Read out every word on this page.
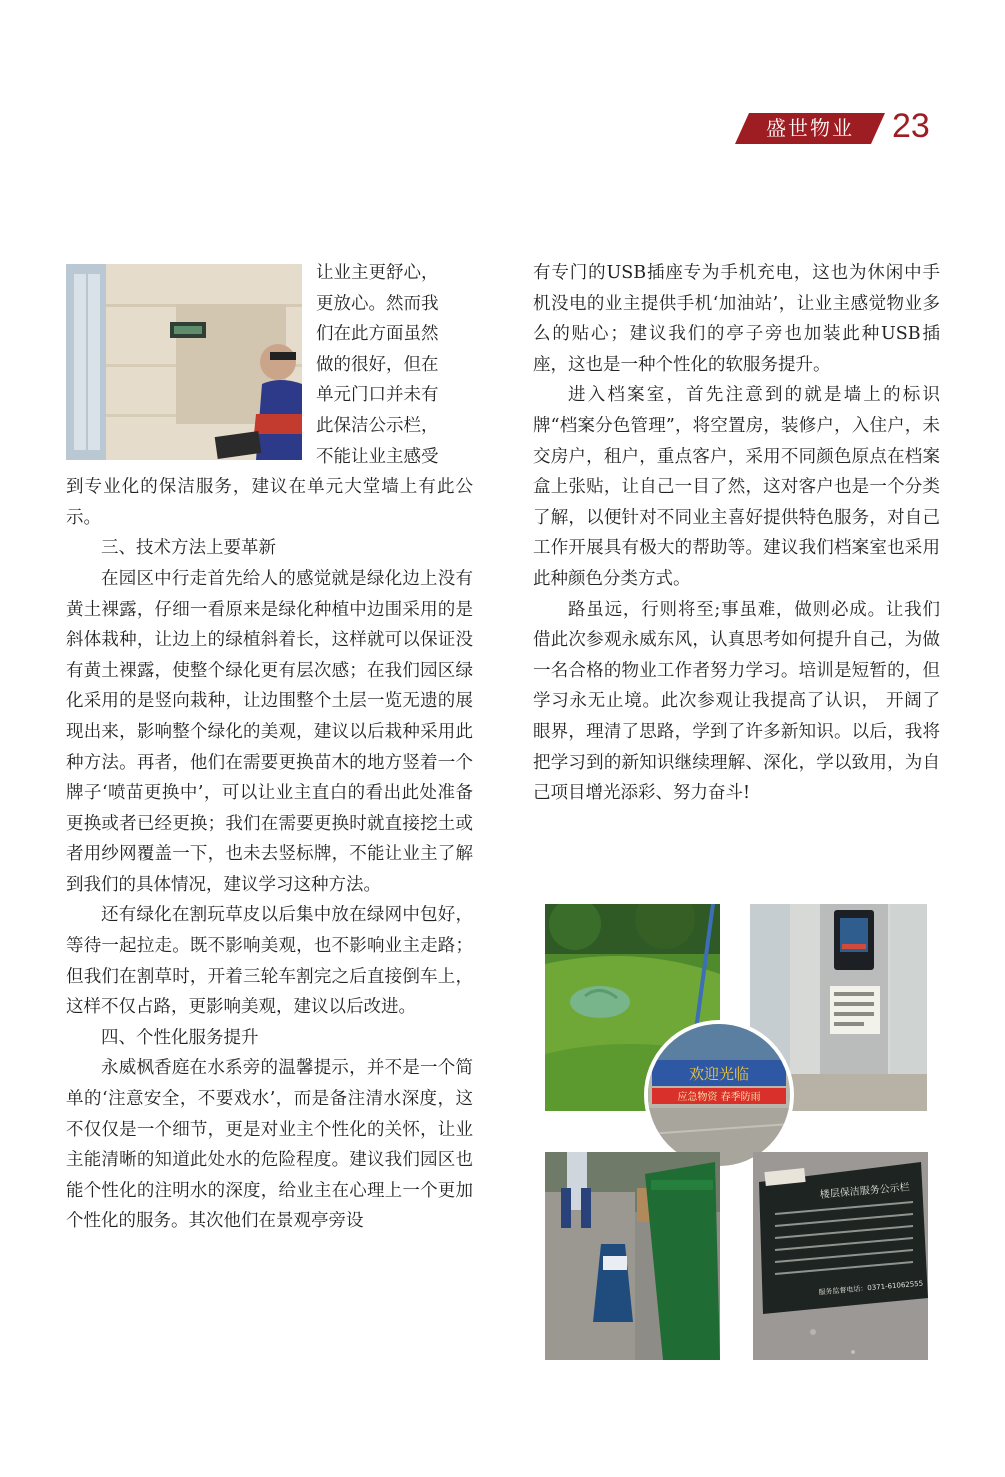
盛世物业	23
让业主更舒心，
更放心。然而我
们在此方面虽然
做的很好，但在
单元门口并未有
此保洁公示栏，
不能让业主感受

到专业化的保洁服务，建议在单元大堂墙上有此公示。

三、技术方法上要革新

在园区中行走首先给人的感觉就是绿化边上没有黄土裸露，仔细一看原来是绿化种植中边围采用的是斜体栽种，让边上的绿植斜着长，这样就可以保证没有黄土裸露，使整个绿化更有层次感；在我们园区绿化采用的是竖向栽种，让边围整个土层一览无遗的展现出来，影响整个绿化的美观，建议以后栽种采用此种方法。再者，他们在需要更换苗木的地方竖着一个牌子‘喷苗更换中’，可以让业主直白的看出此处准备更换或者已经更换；我们在需要更换时就直接挖土或者用纱网覆盖一下，也未去竖标牌，不能让业主了解到我们的具体情况，建议学习这种方法。

还有绿化在割玩草皮以后集中放在绿网中包好，等待一起拉走。既不影响美观，也不影响业主走路；但我们在割草时，开着三轮车割完之后直接倒车上，这样不仅占路，更影响美观，建议以后改进。

四、个性化服务提升

永威枫香庭在水系旁的温馨提示，并不是一个简单的‘注意安全，不要戏水’，而是备注清水深度，这不仅仅是一个细节，更是对业主个性化的关怀，让业主能清晰的知道此处水的危险程度。建议我们园区也能个性化的注明水的深度，给业主在心理上一个更加个性化的服务。其次他们在景观亭旁设

有专门的USB插座专为手机充电，这也为休闲中手机没电的业主提供手机‘加油站’，让业主感觉物业多么的贴心；建议我们的亭子旁也加装此种USB插座，这也是一种个性化的软服务提升。

进入档案室，首先注意到的就是墙上的标识牌“档案分色管理”，将空置房，装修户，入住户，未交房户，租户，重点客户，采用不同颜色原点在档案盒上张贴，让自己一目了然，这对客户也是一个分类了解，以便针对不同业主喜好提供特色服务，对自己工作开展具有极大的帮助等。建议我们档案室也采用此种颜色分类方式。

路虽远，行则将至;事虽难，做则必成。让我们借此次参观永威东风，认真思考如何提升自己，为做一名合格的物业工作者努力学习。培训是短暂的，但学习永无止境。此次参观让我提高了认识， 开阔了眼界，理清了思路，学到了许多新知识。以后，我将把学习到的新知识继续理解、深化，学以致用，为自己项目增光添彩、努力奋斗!

欢迎光临
应急物资 春季防雨
楼层保洁服务公示栏
服务监督电话：0371-61062555
